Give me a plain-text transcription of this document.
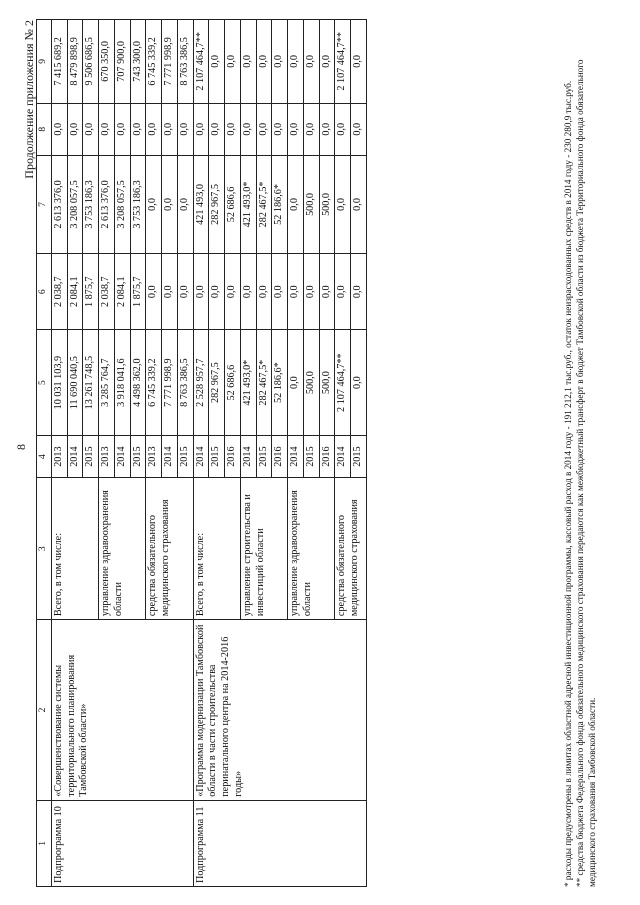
8
Продолжение приложения № 2
1	2	3	4	5	6	7	8	9
Подпрограмма 10	«Совершенствование системы территориального планирования Тамбовской области»	Всего, в том числе:	2013	10 031 103,9	2 038,7	2 613 376,0	0,0	7 415 689,2
			2014	11 690 040,5	2 084,1	3 208 057,5	0,0	8 479 898,9
			2015	13 261 748,5	1 875,7	3 753 186,3	0,0	9 506 686,5
		управление здравоохранения области	2013	3 285 764,7	2 038,7	2 613 376,0	0,0	670 350,0
			2014	3 918 041,6	2 084,1	3 208 057,5	0,0	707 900,0
			2015	4 498 362,0	1 875,7	3 753 186,3	0,0	743 300,0
		средства обязательного медицинского страхования	2013	6 745 339,2	0,0	0,0	0,0	6 745 339,2
			2014	7 771 998,9	0,0	0,0	0,0	7 771 998,9
			2015	8 763 386,5	0,0	0,0	0,0	8 763 386,5
Подпрограмма 11	«Программа модернизации Тамбовской области в части строительства перинатального центра на 2014-2016 годы»	Всего, в том числе:	2014	2 528 957,7	0,0	421 493,0	0,0	2 107 464,7**
			2015	282 967,5	0,0	282 967,5	0,0	0,0
			2016	52 686,6	0,0	52 686,6	0,0	0,0
		управление строительства и инвестиций области	2014	421 493,0*	0,0	421 493,0*	0,0	0,0
			2015	282 467,5*	0,0	282 467,5*	0,0	0,0
			2016	52 186,6*	0,0	52 186,6*	0,0	0,0
		управление здравоохранения области	2014	0,0	0,0	0,0	0,0	0,0
			2015	500,0	0,0	500,0	0,0	0,0
			2016	500,0	0,0	500,0	0,0	0,0
		средства обязательного медицинского страхования	2014	2 107 464,7**	0,0	0,0	0,0	2 107 464,7**
			2015	0,0	0,0	0,0	0,0	0,0
* расходы предусмотрены в лимитах областной адресной инвестиционной программы, кассовый расход в 2014 году - 191 212,1 тыс.руб., остаток неизрасходованных средств в 2014 году - 230 280,9 тыс.руб. ** средства бюджета Федерального фонда обязательного медицинского страхования передаются как межбюджетный трансферт в бюджет Тамбовской области из бюджета Территориального фонда обязательного медицинского страхования Тамбовской области.
